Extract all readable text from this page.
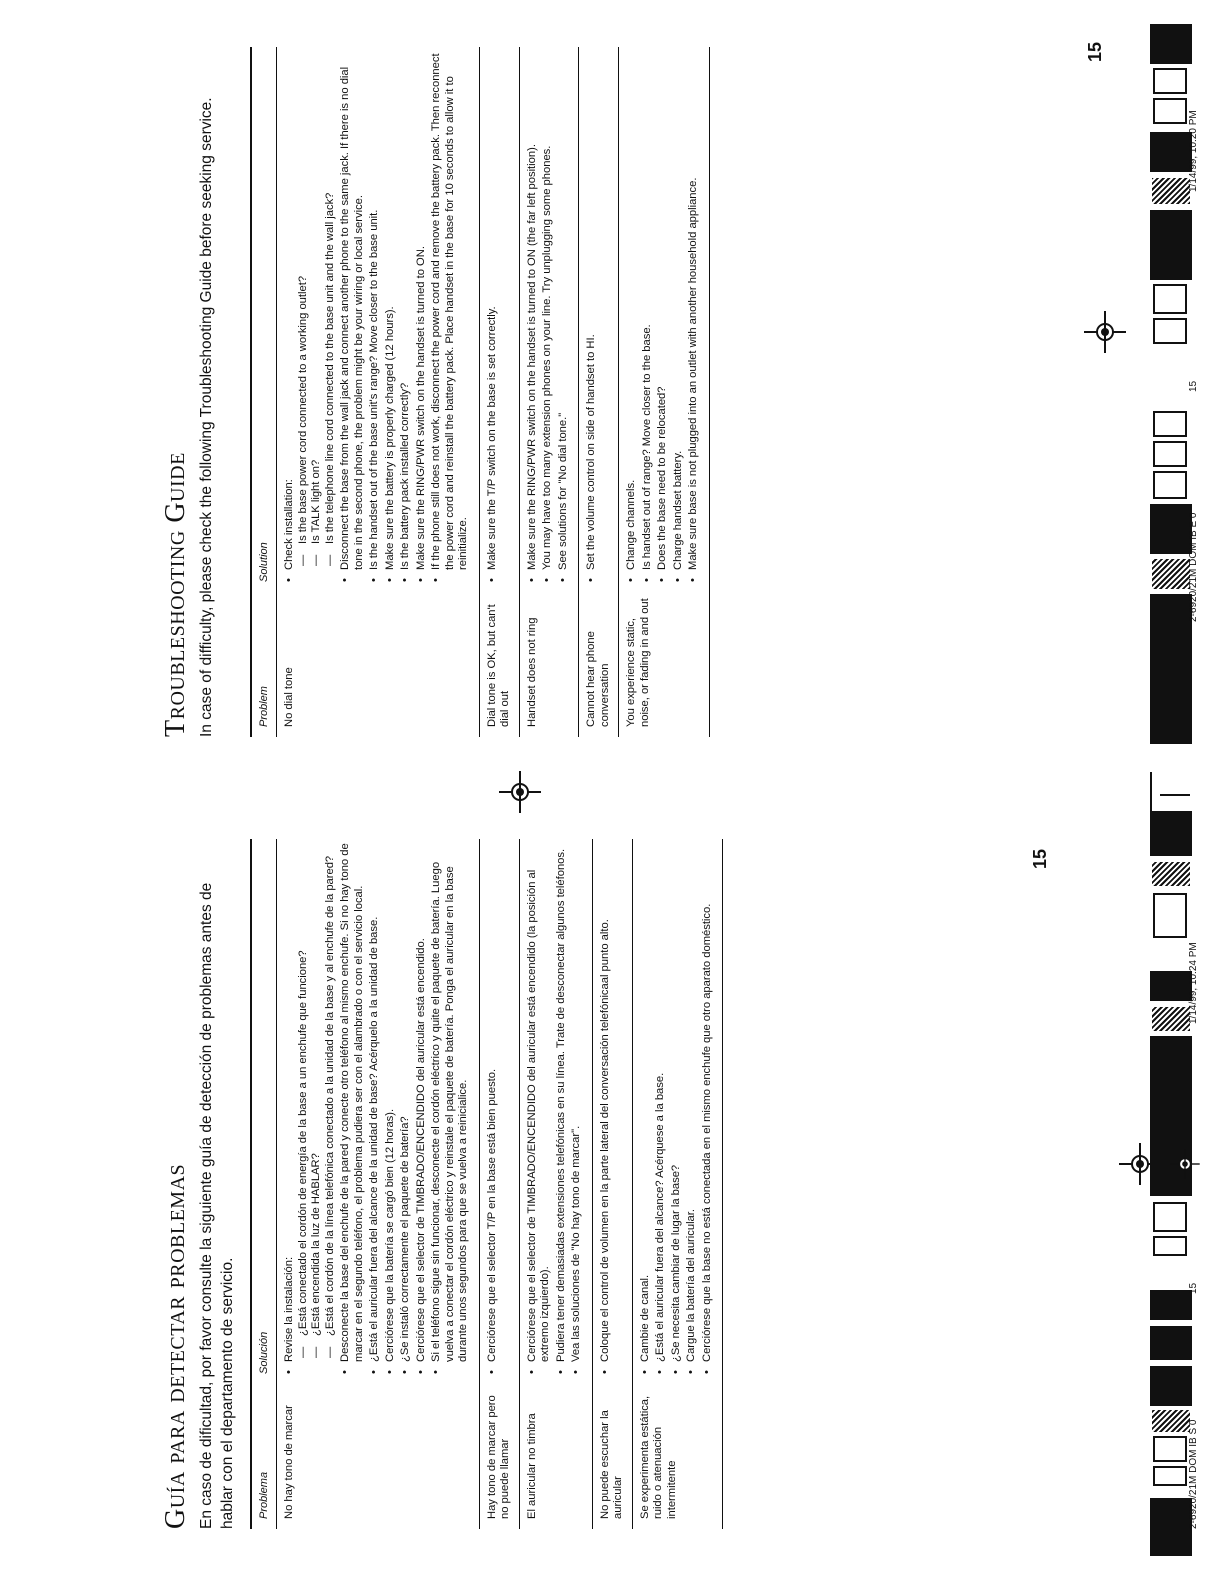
Guía para detectar problemas En caso de dificultad, por favor consulte la siguiente guía de detección de problemas antes de hablar con el departamento de servicio. Problema
Solución
No hay tono de marcar
• Revise la instalación: — ¿Está conectado el cordón de energía de la base a un enchufe que funcione? — ¿Está encendida la luz de HABLAR? — ¿Está el cordón de la línea telefónica conectado a la unidad de la base y al enchufe de la pared? • Desconecte la base del enchufe de la pared y conecte otro teléfono al mismo enchufe. Si no hay tono de marcar en el segundo teléfono, el problema pudiera ser con el alambrado o con el servicio local. • ¿Está el auricular fuera del alcance de la unidad de base? Acérquelo a la unidad de base. • Cerciórese que la batería se cargó bien (12 horas). • ¿Se instaló correctamente el paquete de batería? • Cerciórese que el selector de TIMBRADO/ENCENDIDO del auricular está encendido. • Si el teléfono sigue sin funcionar, desconecte el cordón eléctrico y quite el paquete de batería. Luego vuelva a conectar el cordón eléctrico y reinstale el paquete de batería. Ponga el auricular en la base durante unos segundos para que se vuelva a reinicialice.
Hay tono de marcar pero no puede llamar
• Cerciórese que el selector T/P en la base está bien puesto.
El auricular no timbra
• Cerciórese que el selector de TIMBRADO/ENCENDIDO del auricular está encendido (la posición al extremo izquierdo). • Pudiera tener demasiadas extensiones telefónicas en su línea. Trate de desconectar algunos teléfonos. • Vea las soluciones de "No hay tono de marcar".
No puede escuchar la auricular
• Coloque el control de volumen en la parte lateral del conversación telefónicaal punto alto.
Se experimenta estática, ruido o atenuación intermitente
• Cambie de canal. • ¿Está el auricular fuera del alcance? Acérquese a la base. • ¿Se necesita cambiar de lugar la base? • Cargue la batería del auricular. • Cerciórese que la base no está conectada en el mismo enchufe que otro aparato doméstico.
15
2-6920/21M DOM IB S 0
15
1/14/99, 10:24 PM
Troubleshooting Guide In case of difficulty, please check the following Troubleshooting Guide before seeking service.	Problem
Solution
No dial tone
• Check installation: — Is the base power cord connected to a working outlet? — Is TALK light on? — Is the telephone line cord connected to the base unit and the wall jack? • Disconnect the base from the wall jack and connect another phone to the same jack. If there is no dial tone in the second phone, the problem might be your wiring or local service. • Is the handset out of the base unit's range? Move closer to the base unit. • Make sure the battery is properly charged (12 hours). • Is the battery pack installed correctly? • Make sure the RING/PWR switch on the handset is turned to ON. • If the phone still does not work, disconnect the power cord and remove the battery pack. Then reconnect the power cord and reinstall the battery pack. Place handset in the base for 10 seconds to allow it to reinitialize.
Dial tone is OK, but can't dial out
• Make sure the T/P switch on the base is set correctly.
Handset does not ring
• Make sure the RING/PWR switch on the handset is turned to ON (the far left position). • You may have too many extension phones on your line. Try unplugging some phones. • See solutions for "No dial tone."
Cannot hear phone conversation
• Set the volume control on side of handset to HI.
You experience static, noise, or fading in and out
• Change channels. • Is handset out of range? Move closer to the base. • Does the base need to be relocated? • Charge handset battery. • Make sure base is not plugged into an outlet with another household appliance.
15
2-6920/21M DOM IB E 0
15
1/14/99, 10:20 PM
